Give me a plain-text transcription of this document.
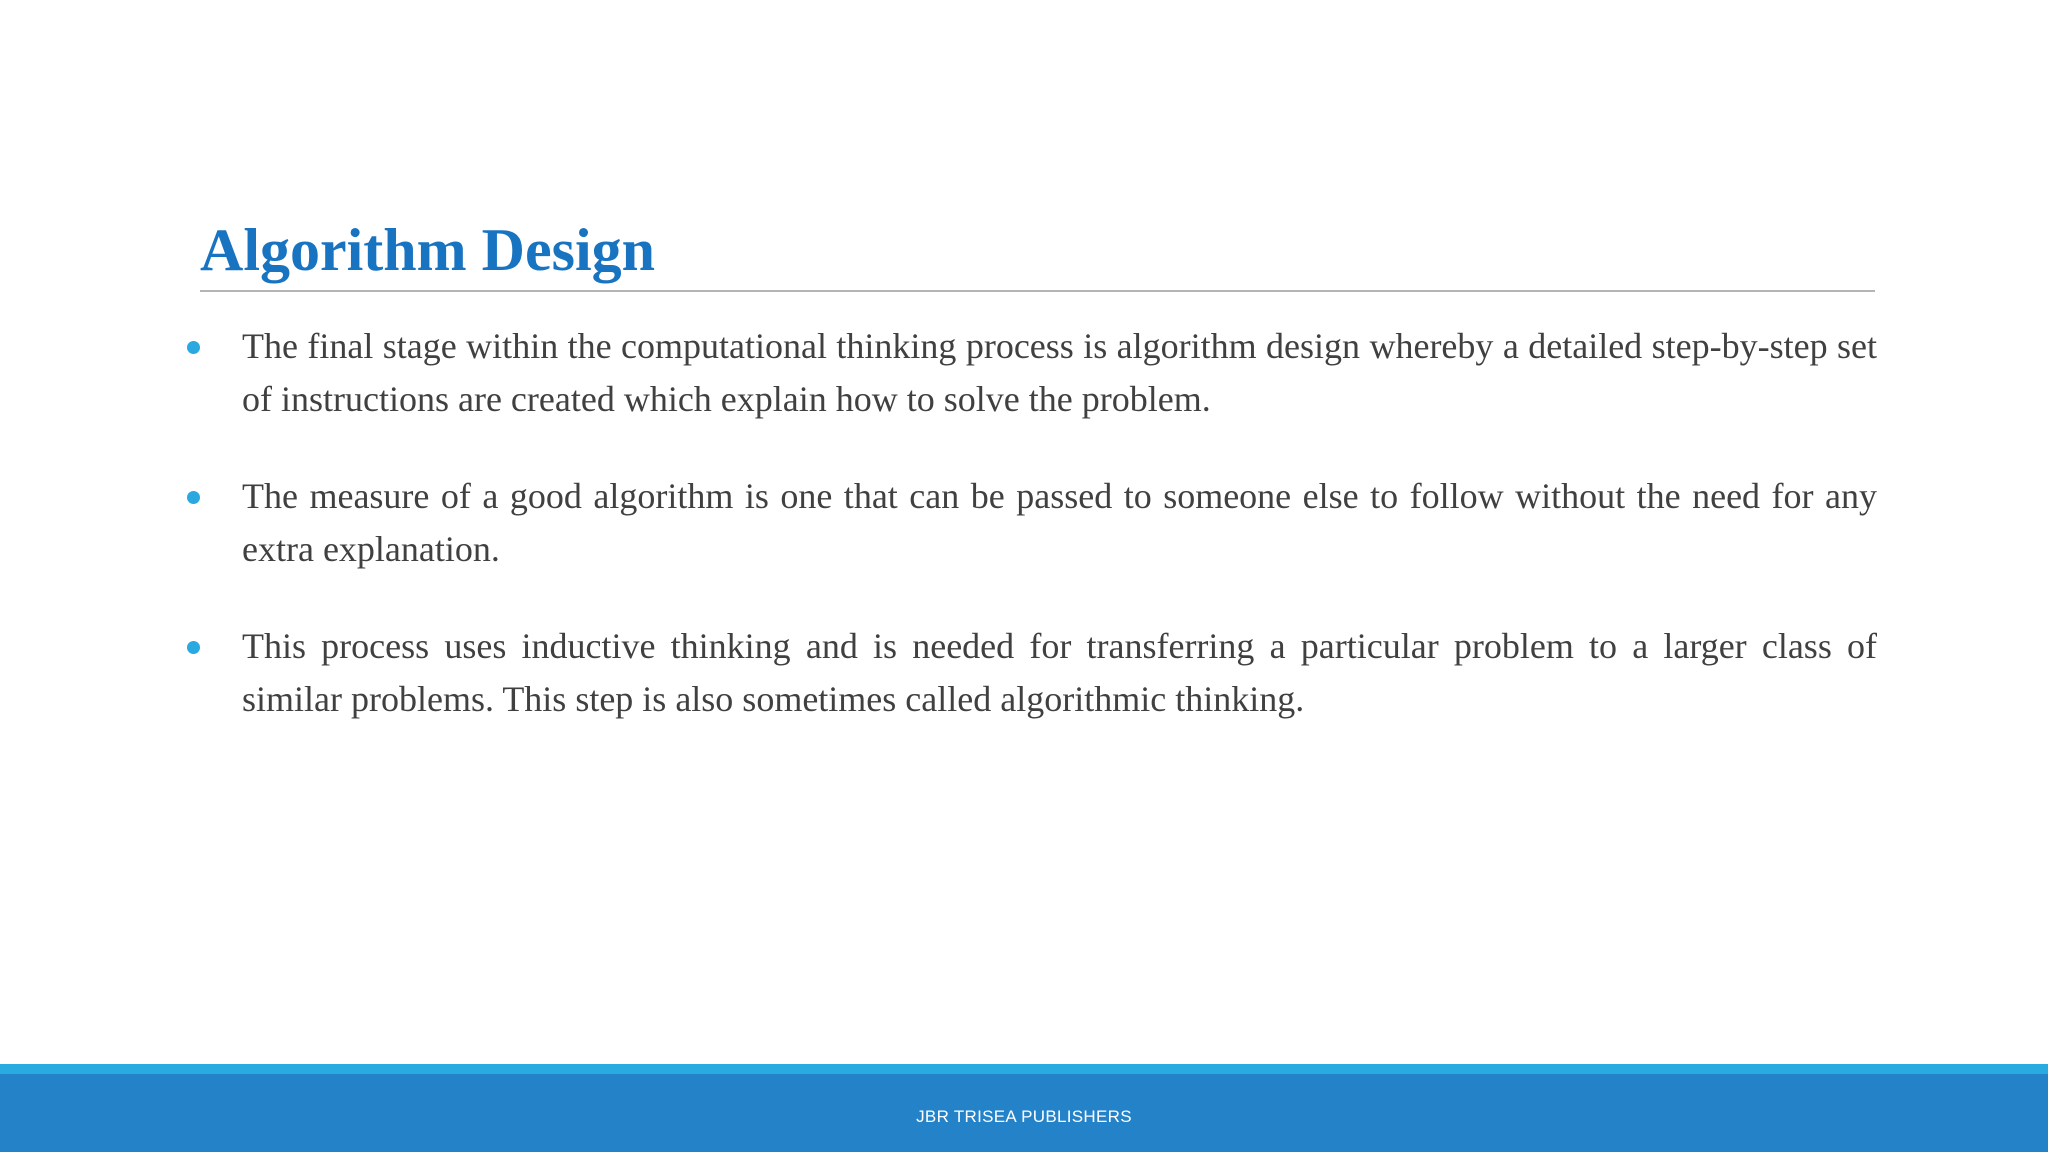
Algorithm Design
The final stage within the computational thinking process is algorithm design whereby a detailed step-by-step set of instructions are created which explain how to solve the problem.
The measure of a good algorithm is one that can be passed to someone else to follow without the need for any extra explanation.
This process uses inductive thinking and is needed for transferring a particular problem to a larger class of similar problems. This step is also sometimes called algorithmic thinking.
JBR TRISEA PUBLISHERS
